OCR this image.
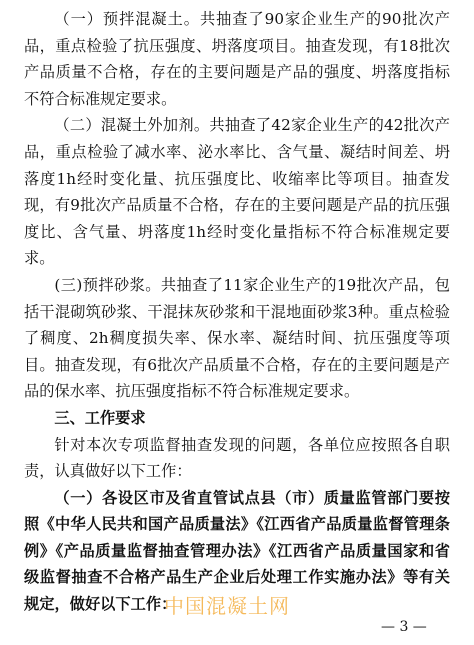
（一）预拌混凝土。共抽查了90家企业生产的90批次产品，重点检验了抗压强度、坍落度项目。抽查发现，有18批次产品质量不合格，存在的主要问题是产品的强度、坍落度指标不符合标准规定要求。

（二）混凝土外加剂。共抽查了42家企业生产的42批次产品，重点检验了减水率、泌水率比、含气量、凝结时间差、坍落度1h经时变化量、抗压强度比、收缩率比等项目。抽查发现，有9批次产品质量不合格，存在的主要问题是产品的抗压强度比、含气量、坍落度1h经时变化量指标不符合标准规定要求。

(三)预拌砂浆。共抽查了11家企业生产的19批次产品，包括干混砌筑砂浆、干混抹灰砂浆和干混地面砂浆3种。重点检验了稠度、2h稠度损失率、保水率、凝结时间、抗压强度等项目。抽查发现，有6批次产品质量不合格，存在的主要问题是产品的保水率、抗压强度指标不符合标准规定要求。

三、工作要求

针对本次专项监督抽查发现的问题，各单位应按照各自职责，认真做好以下工作：

（一）各设区市及省直管试点县（市）质量监管部门要按照《中华人民共和国产品质量法》《江西省产品质量监督管理条例》《产品质量监督抽查管理办法》《江西省产品质量国家和省级监督抽查不合格产品生产企业后处理工作实施办法》等有关规定，做好以下工作：

中国混凝土网
— 3 —
